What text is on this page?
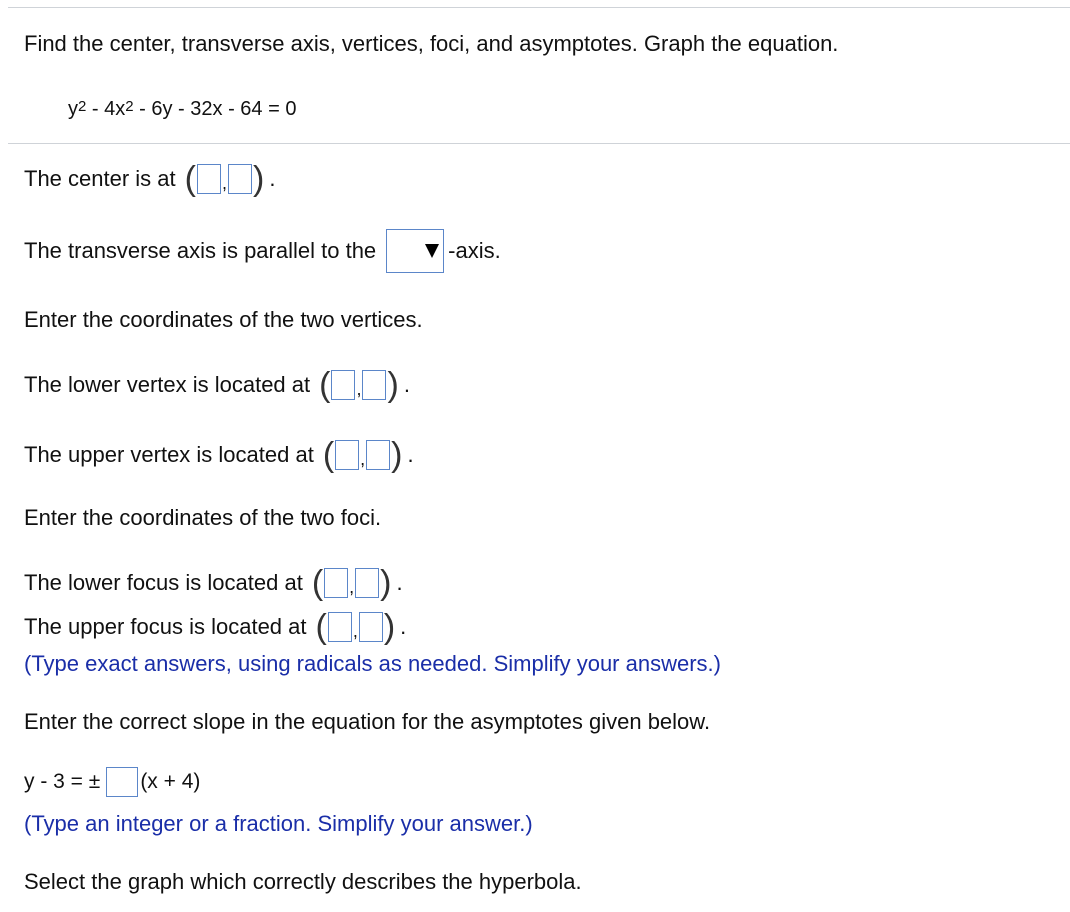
Find the center, transverse axis, vertices, foci, and asymptotes. Graph the equation.
$y^2$
- $4x^2$
- 6y - 32x - 64 = 0
The center is at ( , ) .
The transverse axis is parallel to the	-axis.
Enter the coordinates of the two vertices.
The lower vertex is located at ( , ) .
The upper vertex is located at ( , ) .
Enter the coordinates of the two foci.
The lower focus is located at ( , ) .
The upper focus is located at ( , ) .
(Type exact answers, using radicals as needed. Simplify your answers.)
Enter the correct slope in the equation for the asymptotes given below.
y - 3 = ± (x + 4)
(Type an integer or a fraction. Simplify your answer.)
Select the graph which correctly describes the hyperbola.
